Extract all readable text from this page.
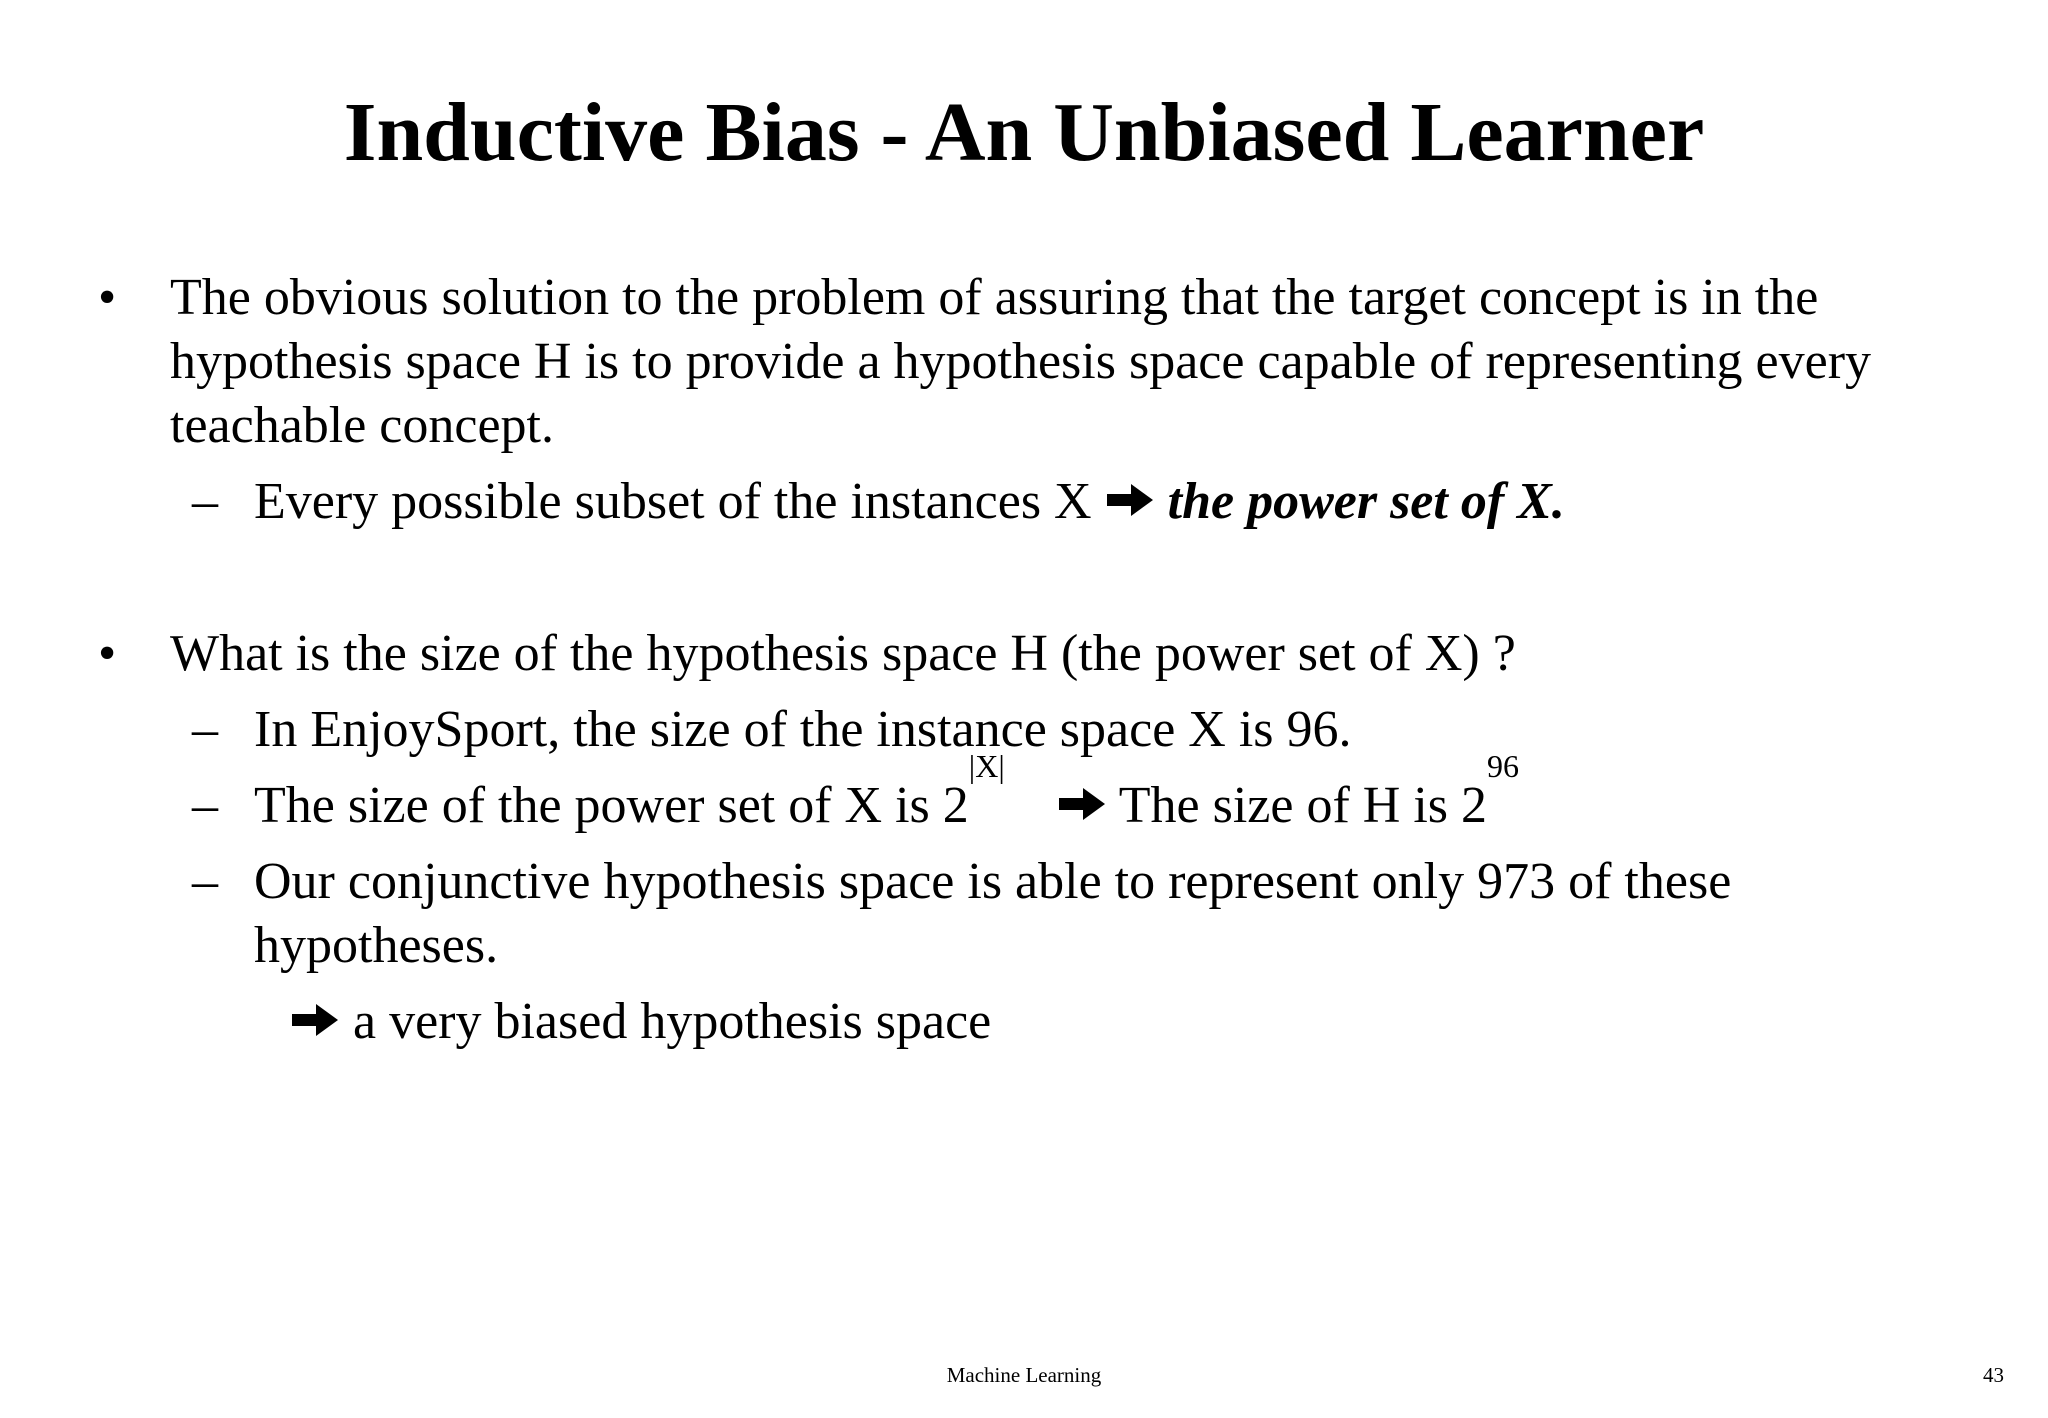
Inductive Bias - An Unbiased Learner
• The obvious solution to the problem of assuring that the target concept is in the
hypothesis space H is to provide a hypothesis space capable of representing every
teachable concept.
– Every possible subset of the instances X the power set of X.
• What is the size of the hypothesis space H (the power set of X) ?
– In EnjoySport, the size of the instance space X is 96.
– The size of the power set of X is $2^{|X|}$   The size of H is $2^{96}$
– Our conjunctive hypothesis space is able to represent only 973 of these
hypotheses.
a very biased hypothesis space
Machine Learning	43
